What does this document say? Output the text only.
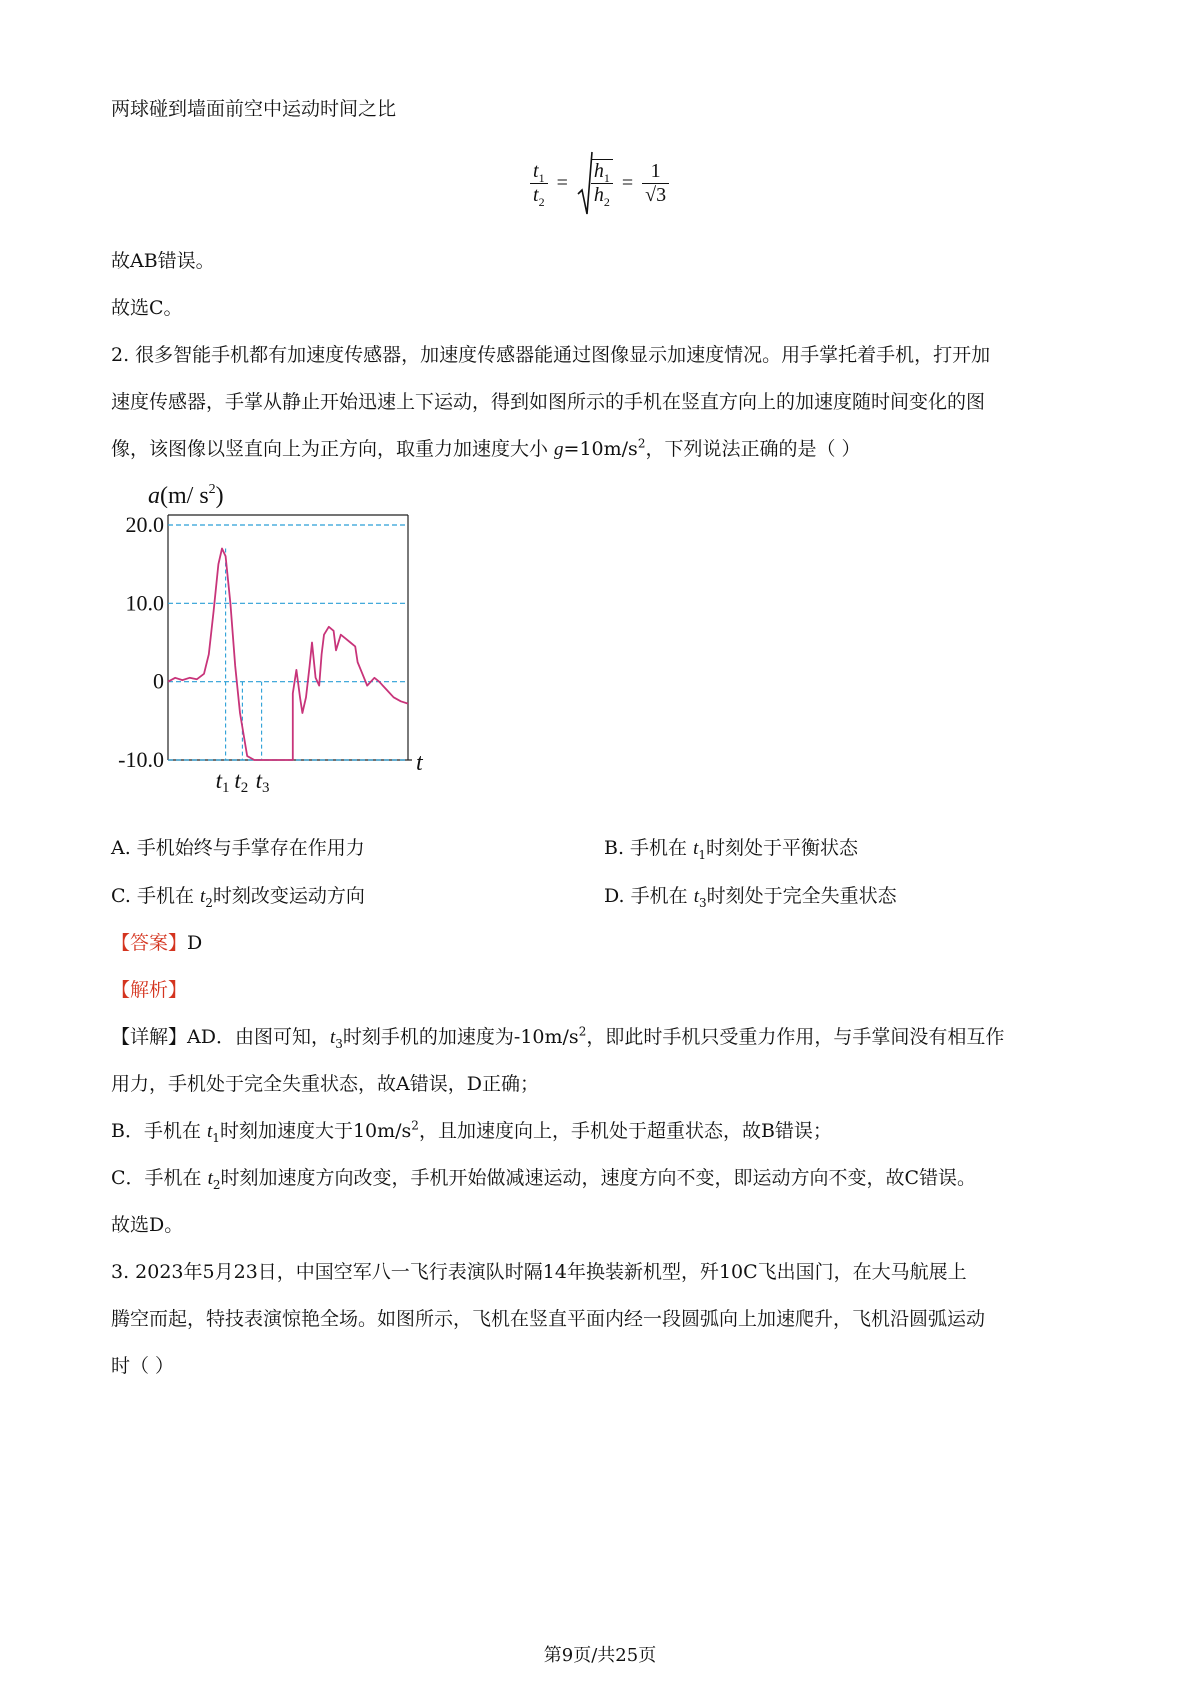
两球碰到墙面前空中运动时间之比
$\frac{t_1}{t_2} = \frac{h_1}{h_2} = \frac{1}{√3}$
故AB错误。
故选C。
2. 很多智能手机都有加速度传感器，加速度传感器能通过图像显示加速度情况。用手掌托着手机，打开加
速度传感器，手掌从静止开始迅速上下运动，得到如图所示的手机在竖直方向上的加速度随时间变化的图
像，该图像以竖直向上为正方向，取重力加速度大小 $g=10m/s^2$，下列说法正确的是（ ）
20.0
10.0
0
-10.0
a(m/ $s^2$)
t
t1 t2 t3
A. 手机始终与手掌存在作用力	B. 手机在 $t_1$时刻处于平衡状态
C. 手机在 $t_2$时刻改变运动方向	D. 手机在 $t_3$时刻处于完全失重状态
【答案】D
【解析】
【详解】AD．由图可知，$t_3$时刻手机的加速度为$-10m/s^2$，即此时手机只受重力作用，与手掌间没有相互作
用力，手机处于完全失重状态，故A错误，D正确；
B．手机在 $t_1$时刻加速度大于$10m/s^2$，且加速度向上，手机处于超重状态，故B错误；
C．手机在 $t_2$时刻加速度方向改变，手机开始做减速运动，速度方向不变，即运动方向不变，故C错误。
故选D。
3. 2023年5月23日，中国空军八一飞行表演队时隔14年换装新机型，歼10C飞出国门，在大马航展上
腾空而起，特技表演惊艳全场。如图所示，飞机在竖直平面内经一段圆弧向上加速爬升，飞机沿圆弧运动
时（ ）
第9页/共25页
